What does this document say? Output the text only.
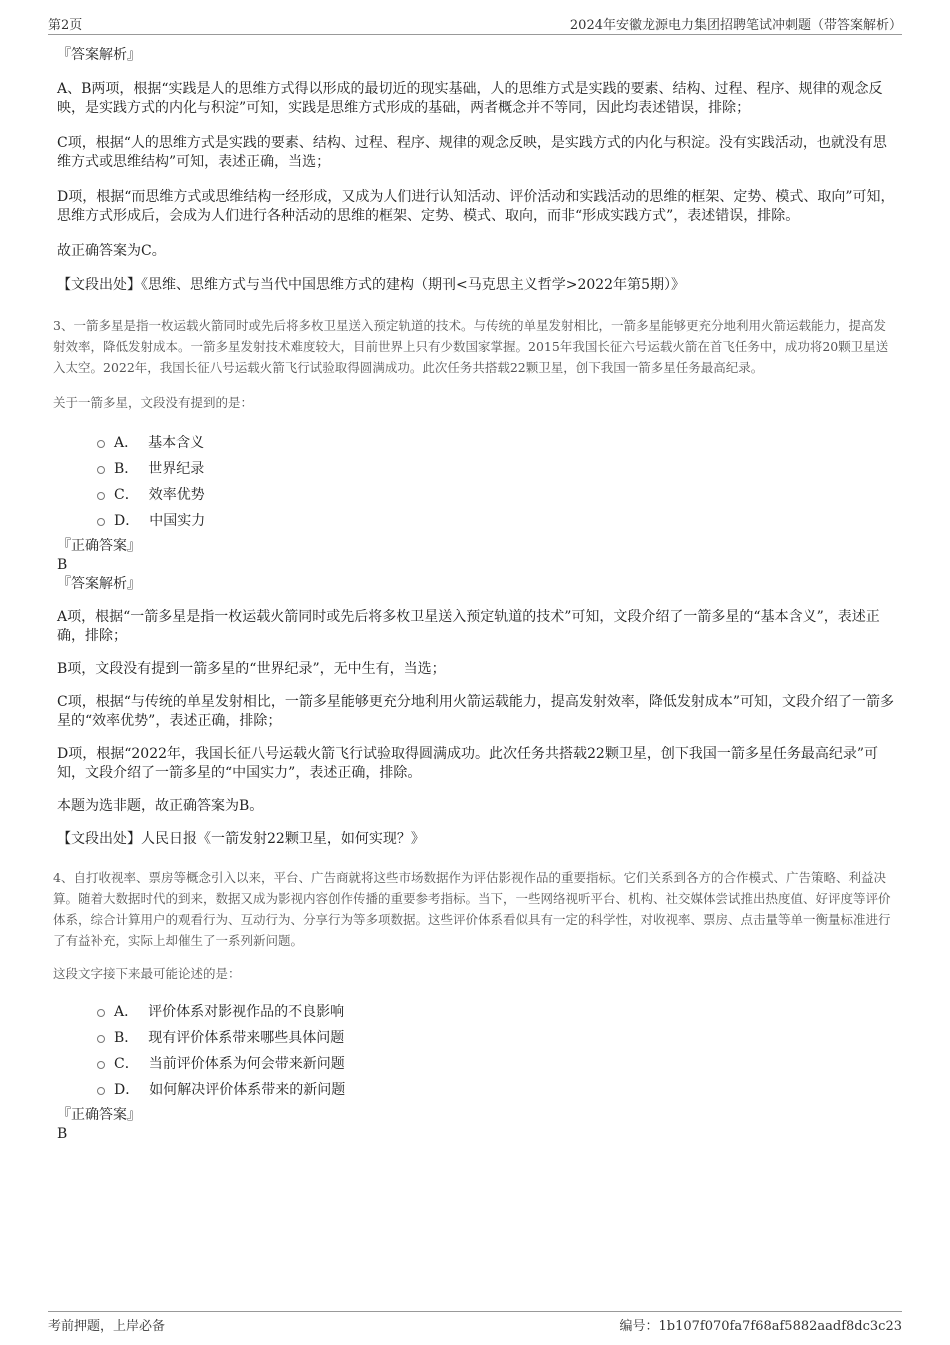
第2页	2024年安徽龙源电力集团招聘笔试冲刺题（带答案解析）

『答案解析』

A、B两项，根据“实践是人的思维方式得以形成的最切近的现实基础，人的思维方式是实践的要素、结构、过程、程序、规律的观念反映，是实践方式的内化与积淀”可知，实践是思维方式形成的基础，两者概念并不等同，因此均表述错误，排除；

C项，根据“人的思维方式是实践的要素、结构、过程、程序、规律的观念反映，是实践方式的内化与积淀。没有实践活动，也就没有思维方式或思维结构”可知，表述正确，当选；

D项，根据“而思维方式或思维结构一经形成，又成为人们进行认知活动、评价活动和实践活动的思维的框架、定势、模式、取向”可知，思维方式形成后，会成为人们进行各种活动的思维的框架、定势、模式、取向，而非“形成实践方式”，表述错误，排除。

故正确答案为C。

【文段出处】《思维、思维方式与当代中国思维方式的建构（期刊<马克思主义哲学>2022年第5期）》

3、一箭多星是指一枚运载火箭同时或先后将多枚卫星送入预定轨道的技术。与传统的单星发射相比，一箭多星能够更充分地利用火箭运载能力，提高发射效率，降低发射成本。一箭多星发射技术难度较大，目前世界上只有少数国家掌握。2015年我国长征六号运载火箭在首飞任务中，成功将20颗卫星送入太空。2022年，我国长征八号运载火箭飞行试验取得圆满成功。此次任务共搭载22颗卫星，创下我国一箭多星任务最高纪录。

关于一箭多星，文段没有提到的是：

A． 基本含义
B． 世界纪录
C． 效率优势
D． 中国实力

『正确答案』

B

『答案解析』

A项，根据“一箭多星是指一枚运载火箭同时或先后将多枚卫星送入预定轨道的技术”可知，文段介绍了一箭多星的“基本含义”，表述正确，排除；

B项，文段没有提到一箭多星的“世界纪录”，无中生有，当选；

C项，根据“与传统的单星发射相比，一箭多星能够更充分地利用火箭运载能力，提高发射效率，降低发射成本”可知，文段介绍了一箭多星的“效率优势”，表述正确，排除；

D项，根据“2022年，我国长征八号运载火箭飞行试验取得圆满成功。此次任务共搭载22颗卫星，创下我国一箭多星任务最高纪录”可知，文段介绍了一箭多星的“中国实力”，表述正确，排除。

本题为选非题，故正确答案为B。

【文段出处】人民日报《一箭发射22颗卫星，如何实现？》

4、自打收视率、票房等概念引入以来，平台、广告商就将这些市场数据作为评估影视作品的重要指标。它们关系到各方的合作模式、广告策略、利益决算。随着大数据时代的到来，数据又成为影视内容创作传播的重要参考指标。当下，一些网络视听平台、机构、社交媒体尝试推出热度值、好评度等评价体系，综合计算用户的观看行为、互动行为、分享行为等多项数据。这些评价体系看似具有一定的科学性，对收视率、票房、点击量等单一衡量标准进行了有益补充，实际上却催生了一系列新问题。

这段文字接下来最可能论述的是：

A． 评价体系对影视作品的不良影响
B． 现有评价体系带来哪些具体问题
C． 当前评价体系为何会带来新问题
D． 如何解决评价体系带来的新问题

『正确答案』

B

考前押题，上岸必备	编号：1b107f070fa7f68af5882aadf8dc3c23
